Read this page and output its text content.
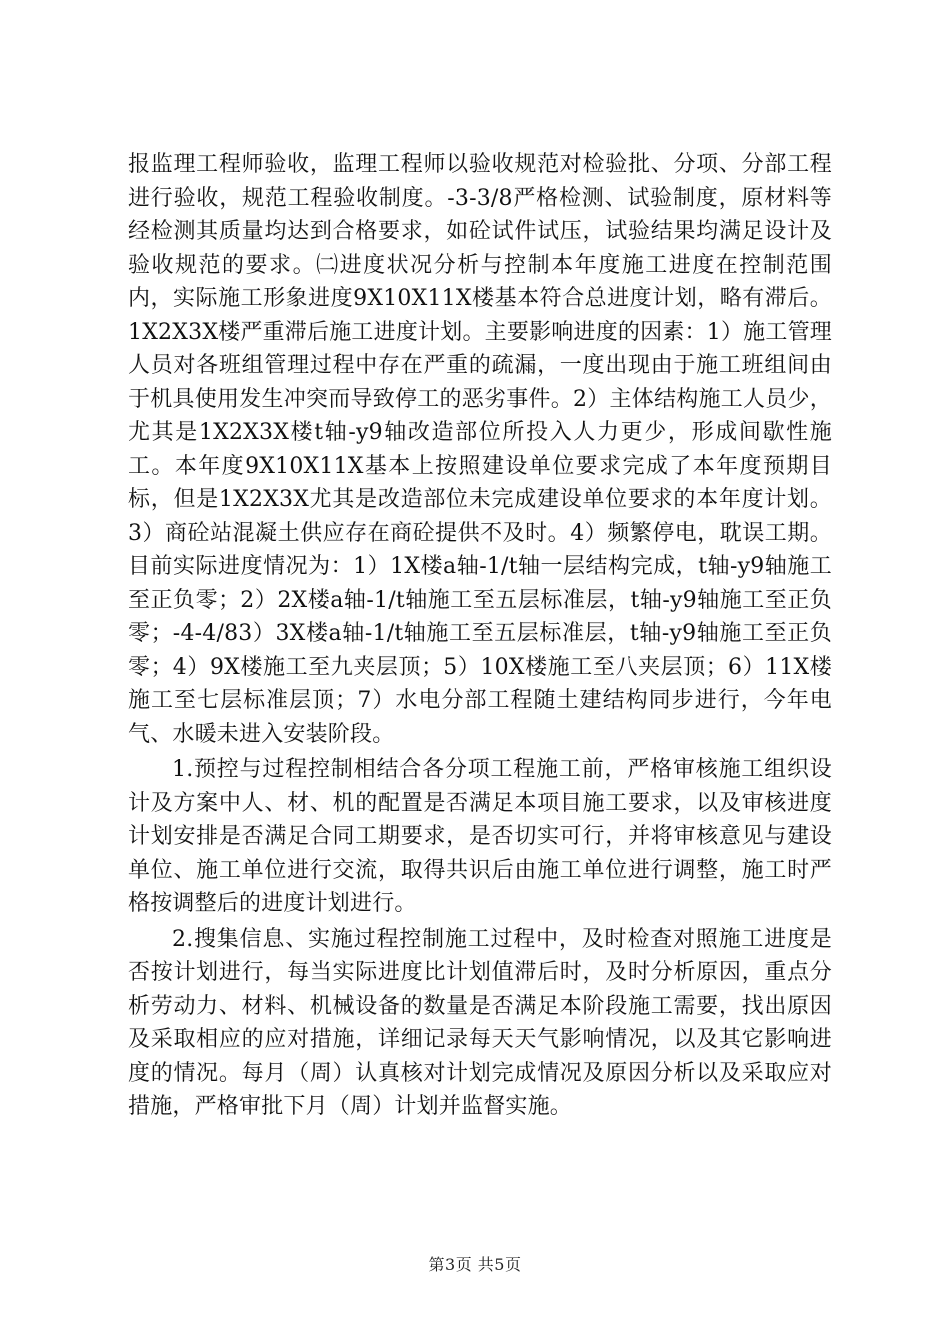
报监理工程师验收，监理工程师以验收规范对检验批、分项、分部工程进行验收，规范工程验收制度。-3-3/8严格检测、试验制度，原材料等经检测其质量均达到合格要求，如砼试件试压，试验结果均满足设计及验收规范的要求。㈡进度状况分析与控制本年度施工进度在控制范围内，实际施工形象进度9X10X11X楼基本符合总进度计划，略有滞后。1X2X3X楼严重滞后施工进度计划。主要影响进度的因素：1）施工管理人员对各班组管理过程中存在严重的疏漏，一度出现由于施工班组间由于机具使用发生冲突而导致停工的恶劣事件。2）主体结构施工人员少，尤其是1X2X3X楼t轴-y9轴改造部位所投入人力更少，形成间歇性施工。本年度9X10X11X基本上按照建设单位要求完成了本年度预期目标，但是1X2X3X尤其是改造部位未完成建设单位要求的本年度计划。3）商砼站混凝土供应存在商砼提供不及时。4）频繁停电，耽误工期。目前实际进度情况为：1）1X楼a轴-1/t轴一层结构完成，t轴-y9轴施工至正负零；2）2X楼a轴-1/t轴施工至五层标准层，t轴-y9轴施工至正负零；-4-4/83）3X楼a轴-1/t轴施工至五层标准层，t轴-y9轴施工至正负零；4）9X楼施工至九夹层顶；5）10X楼施工至八夹层顶；6）11X楼施工至七层标准层顶；7）水电分部工程随土建结构同步进行，今年电气、水暖未进入安装阶段。

1.预控与过程控制相结合各分项工程施工前，严格审核施工组织设计及方案中人、材、机的配置是否满足本项目施工要求，以及审核进度计划安排是否满足合同工期要求，是否切实可行，并将审核意见与建设单位、施工单位进行交流，取得共识后由施工单位进行调整，施工时严格按调整后的进度计划进行。

2.搜集信息、实施过程控制施工过程中，及时检查对照施工进度是否按计划进行，每当实际进度比计划值滞后时，及时分析原因，重点分析劳动力、材料、机械设备的数量是否满足本阶段施工需要，找出原因及采取相应的应对措施，详细记录每天天气影响情况，以及其它影响进度的情况。每月（周）认真核对计划完成情况及原因分析以及采取应对措施，严格审批下月（周）计划并监督实施。

第3页 共5页
